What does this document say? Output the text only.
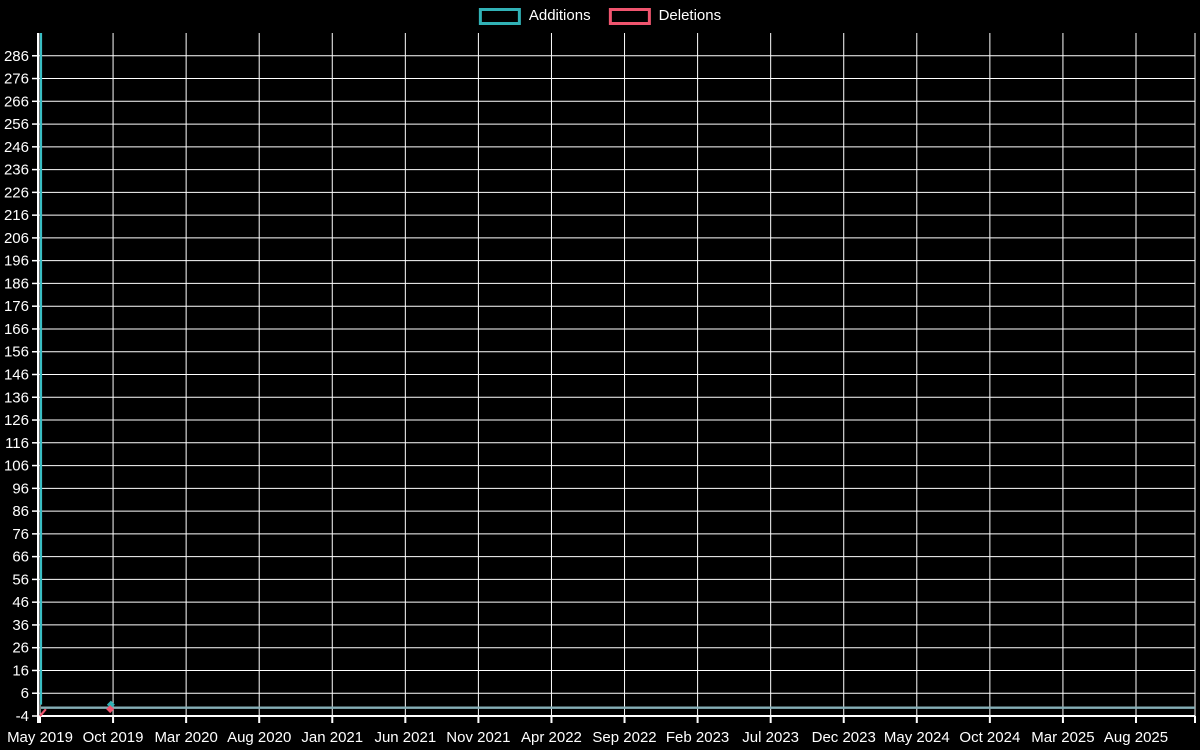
-4
6
16
26
36
46
56
66
76
86
96
106
116
126
136
146
156
166
176
186
196
206
216
226
236
246
256
266
276
286
May 2019 Oct 2019 Mar 2020 Aug 2020 Jan 2021 Jun 2021 Nov 2021 Apr 2022 Sep 2022 Feb 2023 Jul 2023 Dec 2023 May 2024 Oct 2024 Mar 2025 Aug 2025
Additions	Deletions
